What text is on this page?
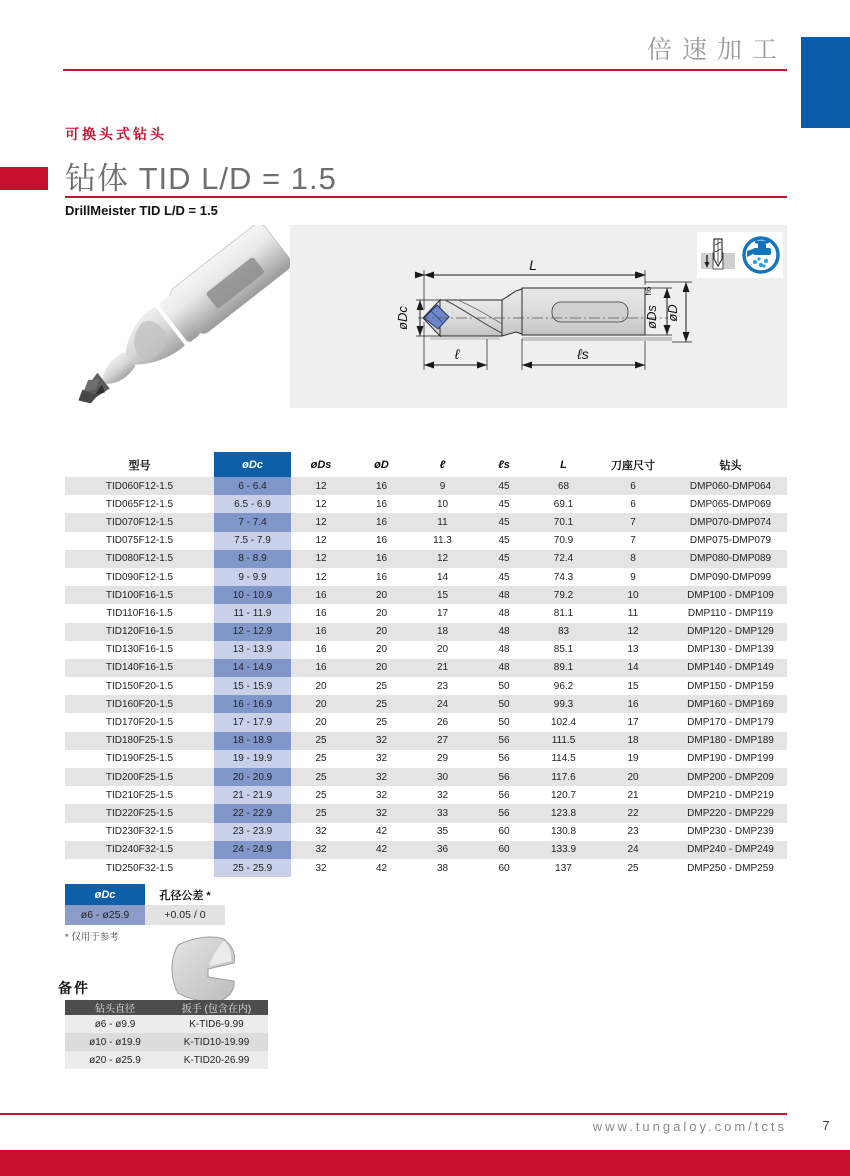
倍速加工
可换头式钻头
钻体 TID L/D = 1.5
DrillMeister TID L/D = 1.5
L
øDc
ℓ	ℓs
øDs
h6
øD
型号	øDc	øDs	øD	ℓ	ℓs	L	刀座尺寸	钻头
TID060F12-1.5	6 - 6.4	12	16	9	45	68	6	DMP060-DMP064
TID065F12-1.5	6.5 - 6.9	12	16	10	45	69.1	6	DMP065-DMP069
TID070F12-1.5	7 - 7.4	12	16	11	45	70.1	7	DMP070-DMP074
TID075F12-1.5	7.5 - 7.9	12	16	11.3	45	70.9	7	DMP075-DMP079
TID080F12-1.5	8 - 8.9	12	16	12	45	72.4	8	DMP080-DMP089
TID090F12-1.5	9 - 9.9	12	16	14	45	74.3	9	DMP090-DMP099
TID100F16-1.5	10 - 10.9	16	20	15	48	79.2	10	DMP100 - DMP109
TID110F16-1.5	11 - 11.9	16	20	17	48	81.1	11	DMP110 - DMP119
TID120F16-1.5	12 - 12.9	16	20	18	48	83	12	DMP120 - DMP129
TID130F16-1.5	13 - 13.9	16	20	20	48	85.1	13	DMP130 - DMP139
TID140F16-1.5	14 - 14.9	16	20	21	48	89.1	14	DMP140 - DMP149
TID150F20-1.5	15 - 15.9	20	25	23	50	96.2	15	DMP150 - DMP159
TID160F20-1.5	16 - 16.9	20	25	24	50	99.3	16	DMP160 - DMP169
TID170F20-1.5	17 - 17.9	20	25	26	50	102.4	17	DMP170 - DMP179
TID180F25-1.5	18 - 18.9	25	32	27	56	111.5	18	DMP180 - DMP189
TID190F25-1.5	19 - 19.9	25	32	29	56	114.5	19	DMP190 - DMP199
TID200F25-1.5	20 - 20.9	25	32	30	56	117.6	20	DMP200 - DMP209
TID210F25-1.5	21 - 21.9	25	32	32	56	120.7	21	DMP210 - DMP219
TID220F25-1.5	22 - 22.9	25	32	33	56	123.8	22	DMP220 - DMP229
TID230F32-1.5	23 - 23.9	32	42	35	60	130.8	23	DMP230 - DMP239
TID240F32-1.5	24 - 24.9	32	42	36	60	133.9	24	DMP240 - DMP249
TID250F32-1.5	25 - 25.9	32	42	38	60	137	25	DMP250 - DMP259
øDc	孔径公差 *
ø6 - ø25.9	+0.05 / 0
* 仅用于参考
备件
钻头直径	扳手 (包含在内)
ø6 - ø9.9	K-TID6-9.99
ø10 - ø19.9	K-TID10-19.99
ø20 - ø25.9	K-TID20-26.99
www.tungaloy.com/tcts	7
